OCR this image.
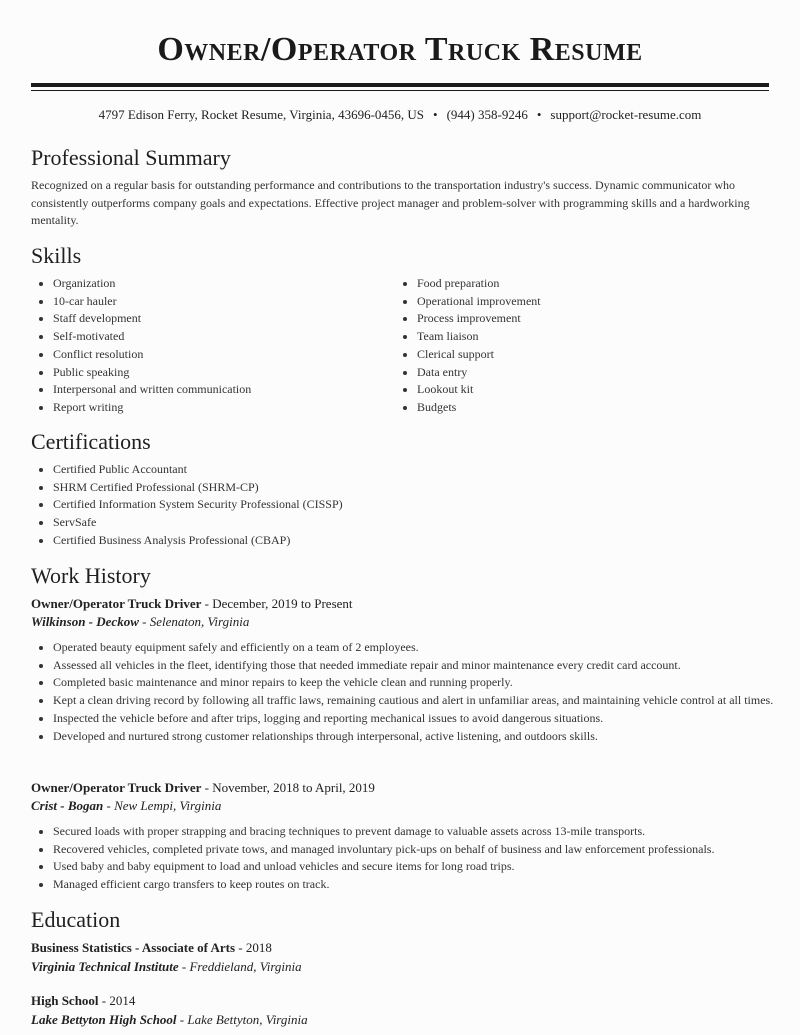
Owner/Operator Truck Resume
4797 Edison Ferry, Rocket Resume, Virginia, 43696-0456, US • (944) 358-9246 • support@rocket-resume.com
Professional Summary

Recognized on a regular basis for outstanding performance and contributions to the transportation industry's success. Dynamic communicator who consistently outperforms company goals and expectations. Effective project manager and problem-solver with programming skills and a hardworking mentality.

Skills
• Organization
• 10-car hauler
• Staff development
• Self-motivated
• Conflict resolution
• Public speaking
• Interpersonal and written communication
• Report writing
• Food preparation
• Operational improvement
• Process improvement
• Team liaison
• Clerical support
• Data entry
• Lookout kit
• Budgets
Certifications
• Certified Public Accountant
• SHRM Certified Professional (SHRM-CP)
• Certified Information System Security Professional (CISSP)
• ServSafe
• Certified Business Analysis Professional (CBAP)
Work History
Owner/Operator Truck Driver - December, 2019 to Present
Wilkinson - Deckow - Selenaton, Virginia
• Operated beauty equipment safely and efficiently on a team of 2 employees.
• Assessed all vehicles in the fleet, identifying those that needed immediate repair and minor maintenance every credit card account.
• Completed basic maintenance and minor repairs to keep the vehicle clean and running properly.
• Kept a clean driving record by following all traffic laws, remaining cautious and alert in unfamiliar areas, and maintaining vehicle control at all times.
• Inspected the vehicle before and after trips, logging and reporting mechanical issues to avoid dangerous situations.
• Developed and nurtured strong customer relationships through interpersonal, active listening, and outdoors skills.
Owner/Operator Truck Driver - November, 2018 to April, 2019
Crist - Bogan - New Lempi, Virginia
• Secured loads with proper strapping and bracing techniques to prevent damage to valuable assets across 13-mile transports.
• Recovered vehicles, completed private tows, and managed involuntary pick-ups on behalf of business and law enforcement professionals.
• Used baby and baby equipment to load and unload vehicles and secure items for long road trips.
• Managed efficient cargo transfers to keep routes on track.
Education
Business Statistics - Associate of Arts - 2018
Virginia Technical Institute - Freddieland, Virginia
High School - 2014
Lake Bettyton High School - Lake Bettyton, Virginia
